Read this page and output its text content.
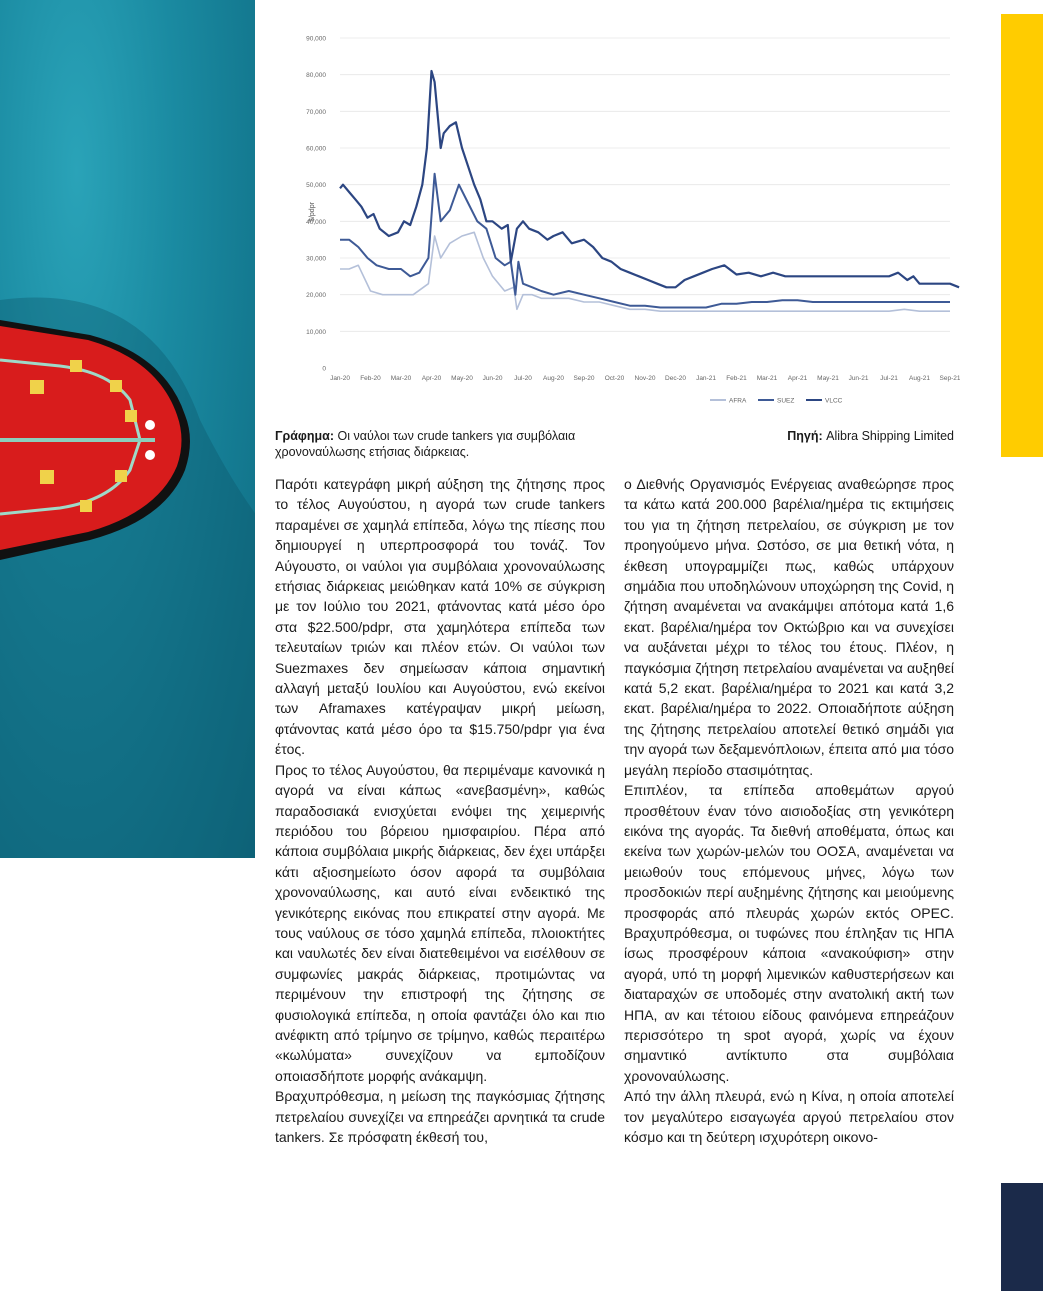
0
10,000
20,000
30,000
40,000
50,000
60,000
70,000
80,000
90,000
Jan-20 Feb-20 Mar-20 Apr-20 May-20 Jun-20 Jul-20 Aug-20 Sep-20 Oct-20 Nov-20 Dec-20 Jan-21 Feb-21 Mar-21 Apr-21 May-21 Jun-21 Jul-21 Aug-21 Sep-21
AFRA	SUEZ	VLCC
$/pdpr
Γράφημα: Οι ναύλοι των crude tankers για συμβόλαια χρονοναύλωσης ετήσιας διάρκειας.
Πηγή: Alibra Shipping Limited

Παρότι κατεγράφη μικρή αύξηση της ζήτησης προς το τέλος Αυγούστου, η αγορά των crude tankers παραμένει σε χαμηλά επίπεδα, λόγω της πίεσης που δημιουργεί η υπερπροσφορά του τονάζ. Τον Αύγουστο, οι ναύλοι για συμβόλαια χρονοναύλωσης ετήσιας διάρκειας μειώθηκαν κατά 10% σε σύγκριση με τον Ιούλιο του 2021, φτάνοντας κατά μέσο όρο στα $22.500/pdpr, στα χαμηλότερα επίπεδα των τελευταίων τριών και πλέον ετών. Οι ναύλοι των Suezmaxes δεν σημείωσαν κάποια σημαντική αλλαγή μεταξύ Ιουλίου και Αυγούστου, ενώ εκείνοι των Aframaxes κατέγραψαν μικρή μείωση, φτάνοντας κατά μέσο όρο τα $15.750/pdpr για ένα έτος.

Προς το τέλος Αυγούστου, θα περιμέναμε κανονικά η αγορά να είναι κάπως «ανεβασμένη», καθώς παραδοσιακά ενισχύεται ενόψει της χειμερινής περιόδου του βόρειου ημισφαιρίου. Πέρα από κάποια συμβόλαια μικρής διάρκειας, δεν έχει υπάρξει κάτι αξιοσημείωτο όσον αφορά τα συμβόλαια χρονοναύλωσης, και αυτό είναι ενδεικτικό της γενικότερης εικόνας που επικρατεί στην αγορά. Με τους ναύλους σε τόσο χαμηλά επίπεδα, πλοιοκτήτες και ναυλωτές δεν είναι διατεθειμένοι να εισέλθουν σε συμφωνίες μακράς διάρκειας, προτιμώντας να περιμένουν την επιστροφή της ζήτησης σε φυσιολογικά επίπεδα, η οποία φαντάζει όλο και πιο ανέφικτη από τρίμηνο σε τρίμηνο, καθώς περαιτέρω «κωλύματα» συνεχίζουν να εμποδίζουν οποιασδήποτε μορφής ανάκαμψη.

Βραχυπρόθεσμα, η μείωση της παγκόσμιας ζήτησης πετρελαίου συνεχίζει να επηρεάζει αρνητικά τα crude tankers. Σε πρόσφατη έκθεσή του,

ο Διεθνής Οργανισμός Ενέργειας αναθεώρησε προς τα κάτω κατά 200.000 βαρέλια/ημέρα τις εκτιμήσεις του για τη ζήτηση πετρελαίου, σε σύγκριση με τον προηγούμενο μήνα. Ωστόσο, σε μια θετική νότα, η έκθεση υπογραμμίζει πως, καθώς υπάρχουν σημάδια που υποδηλώνουν υποχώρηση της Covid, η ζήτηση αναμένεται να ανακάμψει απότομα κατά 1,6 εκατ. βαρέλια/ημέρα τον Οκτώβριο και να συνεχίσει να αυξάνεται μέχρι το τέλος του έτους. Πλέον, η παγκόσμια ζήτηση πετρελαίου αναμένεται να αυξηθεί κατά 5,2 εκατ. βαρέλια/ημέρα το 2021 και κατά 3,2 εκατ. βαρέλια/ημέρα το 2022. Οποιαδήποτε αύξηση της ζήτησης πετρελαίου αποτελεί θετικό σημάδι για την αγορά των δεξαμενόπλοιων, έπειτα από μια τόσο μεγάλη περίοδο στασιμότητας.

Επιπλέον, τα επίπεδα αποθεμάτων αργού προσθέτουν έναν τόνο αισιοδοξίας στη γενικότερη εικόνα της αγοράς. Τα διεθνή αποθέματα, όπως και εκείνα των χωρών-μελών του ΟΟΣΑ, αναμένεται να μειωθούν τους επόμενους μήνες, λόγω των προσδοκιών περί αυξημένης ζήτησης και μειούμενης προσφοράς από πλευράς χωρών εκτός OPEC. Βραχυπρόθεσμα, οι τυφώνες που έπληξαν τις ΗΠΑ ίσως προσφέρουν κάποια «ανακούφιση» στην αγορά, υπό τη μορφή λιμενικών καθυστερήσεων και διαταραχών σε υποδομές στην ανατολική ακτή των ΗΠΑ, αν και τέτοιου είδους φαινόμενα επηρεάζουν περισσότερο τη spot αγορά, χωρίς να έχουν σημαντικό αντίκτυπο στα συμβόλαια χρονοναύλωσης.

Από την άλλη πλευρά, ενώ η Κίνα, η οποία αποτελεί τον μεγαλύτερο εισαγωγέα αργού πετρελαίου στον κόσμο και τη δεύτερη ισχυρότερη οικονο-
